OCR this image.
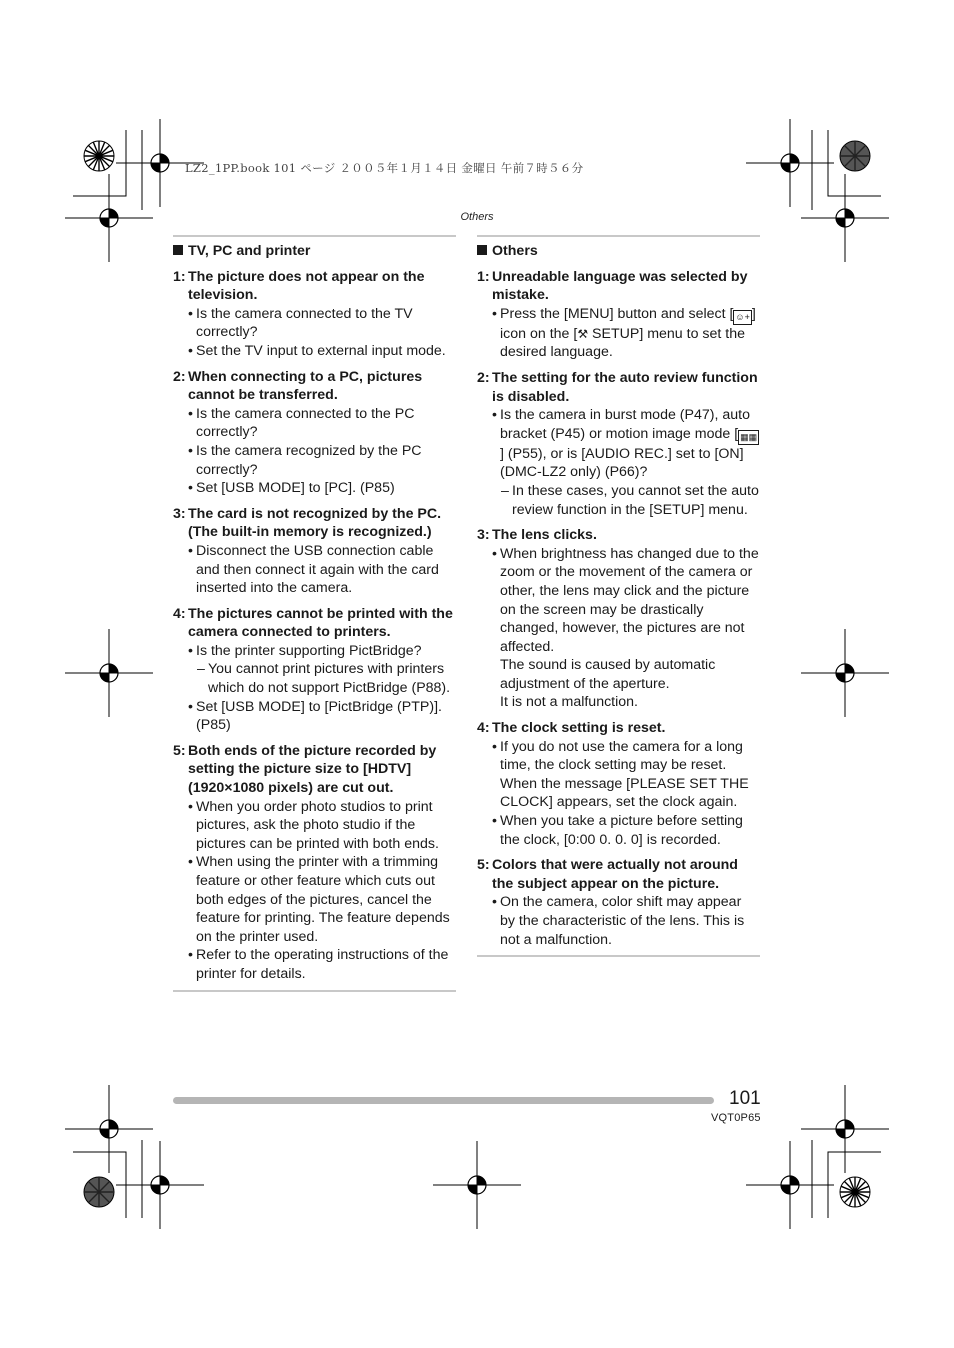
LZ2_1PP.book 101 ページ ２００５年１月１４日 金曜日 午前７時５６分
Others
TV, PC and printer
1: The picture does not appear on the television.
• Is the camera connected to the TV correctly?
• Set the TV input to external input mode.
2: When connecting to a PC, pictures cannot be transferred.
• Is the camera connected to the PC correctly?
• Is the camera recognized by the PC correctly?
• Set [USB MODE] to [PC]. (P85)
3: The card is not recognized by the PC. (The built-in memory is recognized.)
• Disconnect the USB connection cable and then connect it again with the card inserted into the camera.
4: The pictures cannot be printed with the camera connected to printers.
• Is the printer supporting PictBridge?
– You cannot print pictures with printers which do not support PictBridge (P88).
• Set [USB MODE] to [PictBridge (PTP)]. (P85)
5: Both ends of the picture recorded by setting the picture size to [HDTV] (1920×1080 pixels) are cut out.
• When you order photo studios to print pictures, ask the photo studio if the pictures can be printed with both ends.
• When using the printer with a trimming feature or other feature which cuts out both edges of the pictures, cancel the feature for printing. The feature depends on the printer used.
• Refer to the operating instructions of the printer for details.
Others
1: Unreadable language was selected by mistake.
• Press the [MENU] button and select [ ☺+ ] icon on the [⚒ SETUP] menu to set the desired language.
2: The setting for the auto review function is disabled.
• Is the camera in burst mode (P47), auto bracket (P45) or motion image mode [ ▦▦] (P55), or is [AUDIO REC.] set to [ON] (DMC-LZ2 only) (P66)?
– In these cases, you cannot set the auto review function in the [SETUP] menu.
3: The lens clicks.
• When brightness has changed due to the zoom or the movement of the camera or other, the lens may click and the picture on the screen may be drastically changed, however, the pictures are not affected.
The sound is caused by automatic adjustment of the aperture.
It is not a malfunction.
4: The clock setting is reset.
• If you do not use the camera for a long time, the clock setting may be reset. When the message [PLEASE SET THE CLOCK] appears, set the clock again.
• When you take a picture before setting the clock, [0:00 0. 0. 0] is recorded.
5: Colors that were actually not around the subject appear on the picture.
• On the camera, color shift may appear by the characteristic of the lens. This is not a malfunction.
101
VQT0P65
